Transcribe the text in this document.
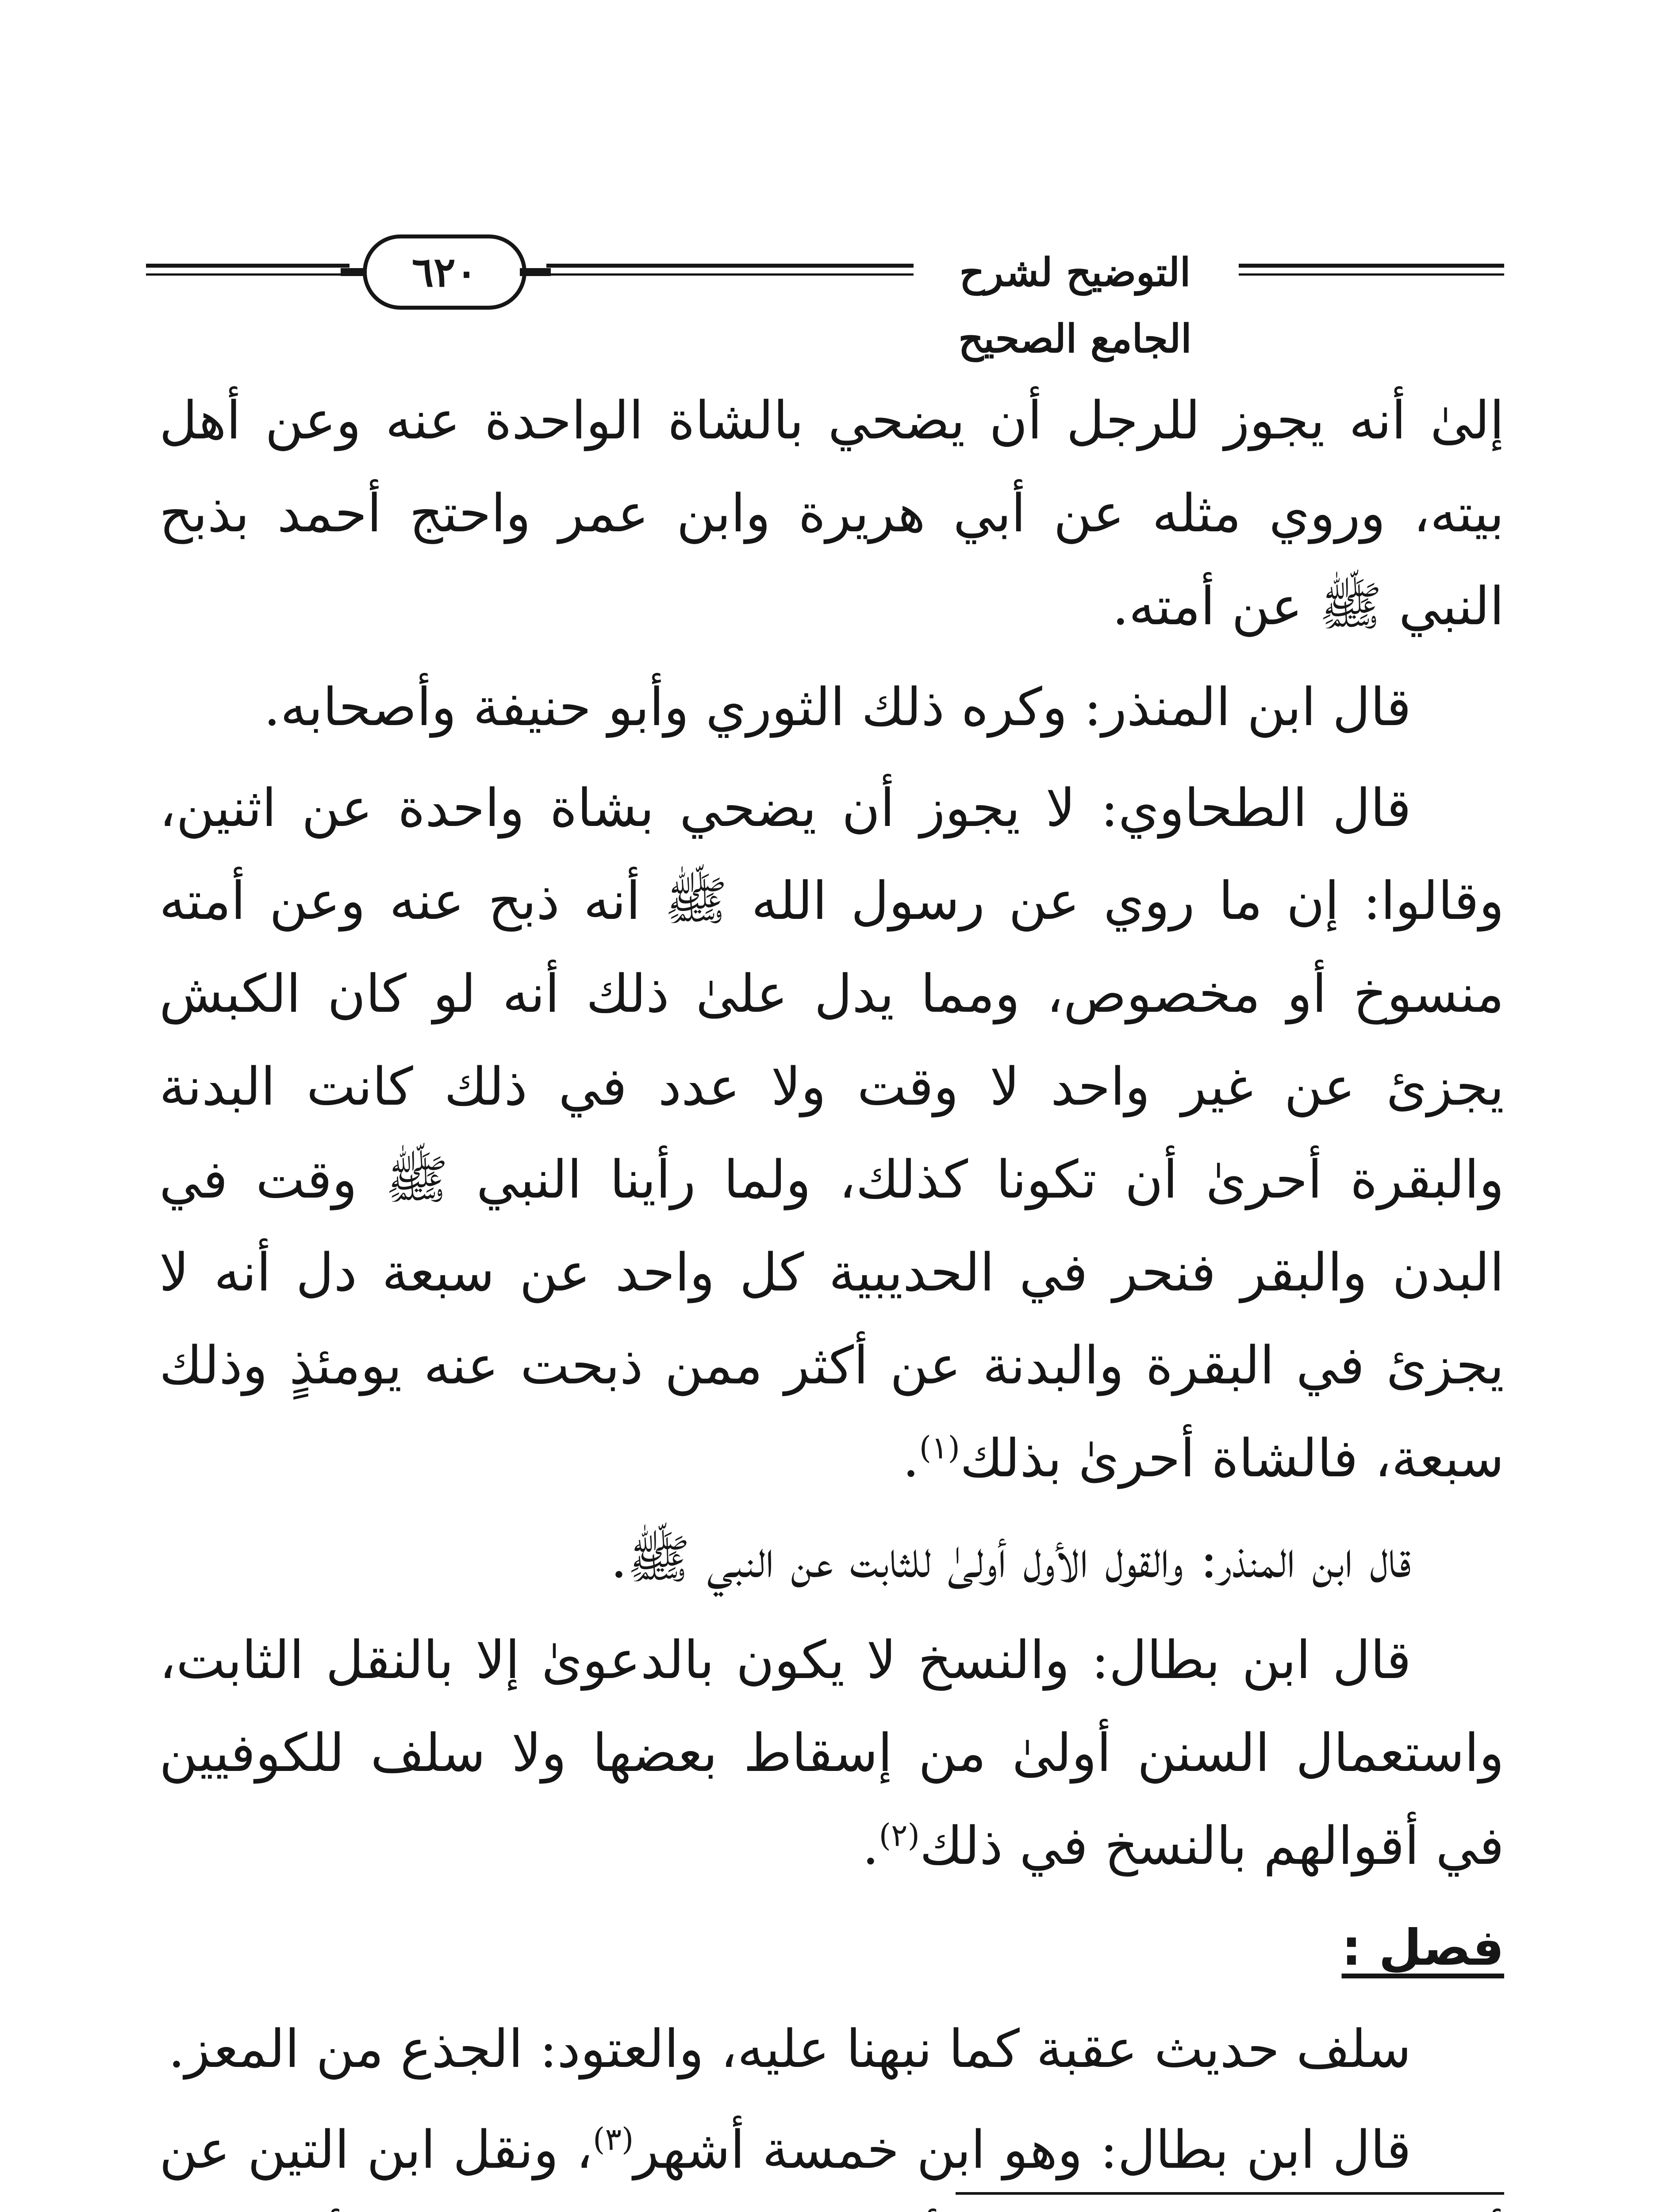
٦٢٠	التوضيح لشرح الجامع الصحيح

إلىٰ أنه يجوز للرجل أن يضحي بالشاة الواحدة عنه وعن أهل بيته، وروي مثله عن أبي هريرة وابن عمر واحتج أحمد بذبح النبي ﷺ عن أمته.

قال ابن المنذر: وكره ذلك الثوري وأبو حنيفة وأصحابه.

قال الطحاوي: لا يجوز أن يضحي بشاة واحدة عن اثنين، وقالوا: إن ما روي عن رسول الله ﷺ أنه ذبح عنه وعن أمته منسوخ أو مخصوص، ومما يدل علىٰ ذلك أنه لو كان الكبش يجزئ عن غير واحد لا وقت ولا عدد في ذلك كانت البدنة والبقرة أحرىٰ أن تكونا كذلك، ولما رأينا النبي ﷺ وقت في البدن والبقر فنحر في الحديبية كل واحد عن سبعة دل أنه لا يجزئ في البقرة والبدنة عن أكثر ممن ذبحت عنه يومئذٍ وذلك سبعة، فالشاة أحرىٰ بذلك$^{(١)}$.

قال ابن المنذر: والقول الأول أولىٰ للثابت عن النبي ﷺ.

قال ابن بطال: والنسخ لا يكون بالدعوىٰ إلا بالنقل الثابت، واستعمال السنن أولىٰ من إسقاط بعضها ولا سلف للكوفيين في أقوالهم بالنسخ في ذلك$^{(٢)}$.

فصل :

سلف حديث عقبة كما نبهنا عليه، والعتود: الجذع من المعز.

قال ابن بطال: وهو ابن خمسة أشهر$^{(٣)}$، ونقل ابن التين عن
